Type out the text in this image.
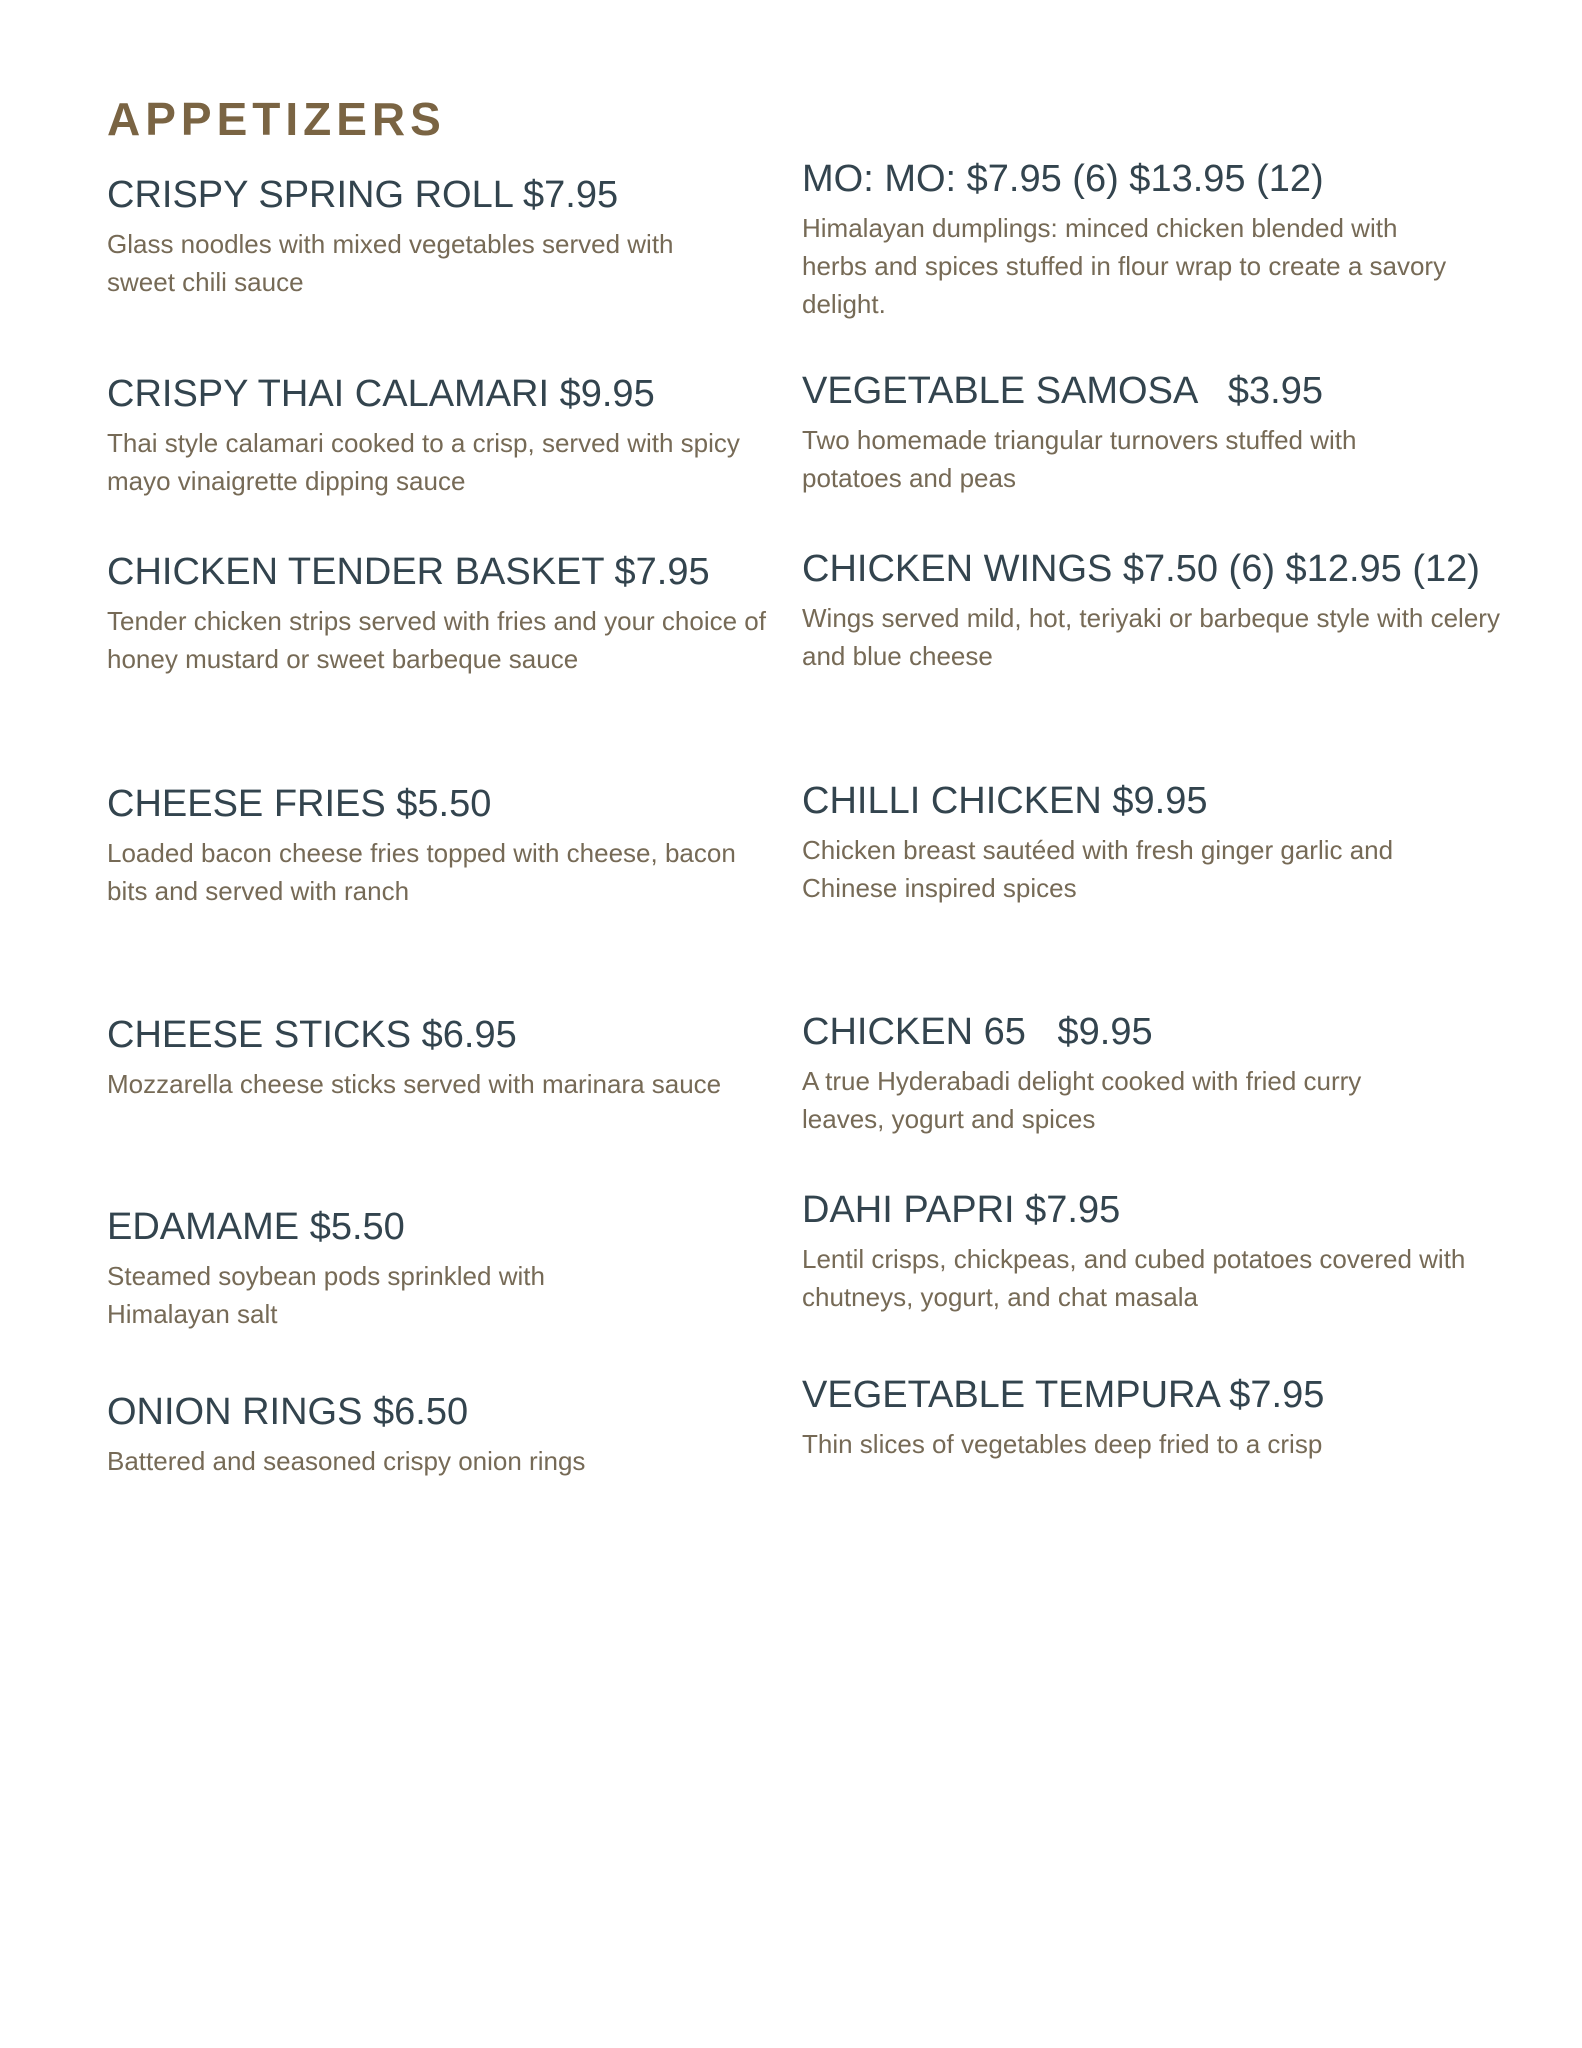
APPETIZERS
CRISPY SPRING ROLL $7.95

Glass noodles with mixed vegetables served with sweet chili sauce

CRISPY THAI CALAMARI $9.95

Thai style calamari cooked to a crisp, served with spicy mayo vinaigrette dipping sauce

CHICKEN TENDER BASKET $7.95

Tender chicken strips served with fries and your choice of honey mustard or sweet barbeque sauce

CHEESE FRIES $5.50

Loaded bacon cheese fries topped with cheese, bacon bits and served with ranch

CHEESE STICKS $6.95

Mozzarella cheese sticks served with marinara sauce

EDAMAME $5.50

Steamed soybean pods sprinkled with Himalayan salt

ONION RINGS $6.50

Battered and seasoned crispy onion rings

MO: MO: $7.95 (6) $13.95 (12)

Himalayan dumplings: minced chicken blended with herbs and spices stuffed in flour wrap to create a savory delight.

VEGETABLE SAMOSA   $3.95

Two homemade triangular turnovers stuffed with potatoes and peas

CHICKEN WINGS $7.50 (6) $12.95 (12)

Wings served mild, hot, teriyaki or barbeque style with celery and blue cheese

CHILLI CHICKEN $9.95

Chicken breast sautéed with fresh ginger garlic and Chinese inspired spices

CHICKEN 65   $9.95

A true Hyderabadi delight cooked with fried curry leaves, yogurt and spices

DAHI PAPRI $7.95

Lentil crisps, chickpeas, and cubed potatoes covered with chutneys, yogurt, and chat masala

VEGETABLE TEMPURA $7.95

Thin slices of vegetables deep fried to a crisp
